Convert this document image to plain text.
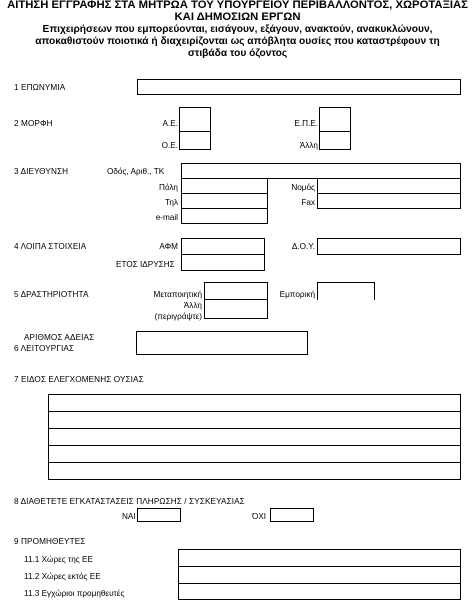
ΑΙΤΗΣΗ ΕΓΓΡΑΦΗΣ ΣΤΑ ΜΗΤΡΩΑ ΤΟΥ ΥΠΟΥΡΓΕΙΟΥ ΠΕΡΙΒΑΛΛΟΝΤΟΣ, ΧΩΡΟΤΑΞΙΑΣ
ΚΑΙ ΔΗΜΟΣΙΩΝ ΕΡΓΩΝ
Επιχειρήσεων που εμπορεύονται, εισάγουν, εξάγουν, ανακτούν, ανακυκλώνουν,
αποκαθιστούν ποιοτικά ή διαχειρίζονται ως απόβλητα ουσίες που καταστρέφουν τη
στιβάδα του όζοντος
1 ΕΠΩΝΥΜΙΑ
2 ΜΟΡΦΗ	Α.Ε.	Ε.Π.Ε.
Ο.Ε.	Άλλη
3 ΔΙΕΥΘΥΝΣΗ	Οδός, Αριθ., ΤΚ
Πόλη	Νομός
Τηλ	Fax
e-mail
4 ΛΟΙΠΑ ΣΤΟΙΧΕΙΑ	ΑΦΜ	Δ.Ο.Υ.
ΕΤΟΣ ΙΔΡΥΣΗΣ
5 ΔΡΑΣΤΗΡΙΟΤΗΤΑ	Μεταποιητική	Εμπορική
Άλλη
(περιγράψτε)
ΑΡΙΘΜΟΣ ΑΔΕΙΑΣ
6 ΛΕΙΤΟΥΡΓΙΑΣ
7 ΕΙΔΟΣ ΕΛΕΓΧΟΜΕΝΗΣ ΟΥΣΙΑΣ
8 ΔΙΑΘΕΤΕΤΕ ΕΓΚΑΤΑΣΤΑΣΕΙΣ ΠΛΗΡΩΣΗΣ / ΣΥΣΚΕΥΑΣΙΑΣ
ΝΑΙ	ΌΧΙ
9 ΠΡΟΜΗΘΕΥΤΕΣ
11.1 Χώρες της ΕΕ
11.2 Χώρες εκτός ΕΕ
11.3 Εγχώριοι προμηθευτές
